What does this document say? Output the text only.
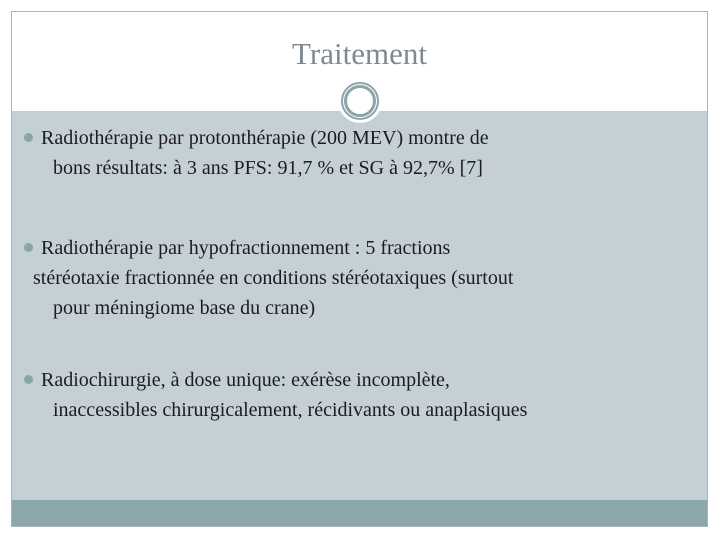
Traitement
Radiothérapie par protonthérapie (200 MEV) montre de
bons résultats: à 3 ans PFS: 91,7 % et SG à 92,7% [7]
Radiothérapie par hypofractionnement : 5 fractions
stéréotaxie fractionnée en conditions stéréotaxiques (surtout
pour méningiome base du crane)
Radiochirurgie, à dose unique: exérèse incomplète,
inaccessibles chirurgicalement, récidivants ou anaplasiques
